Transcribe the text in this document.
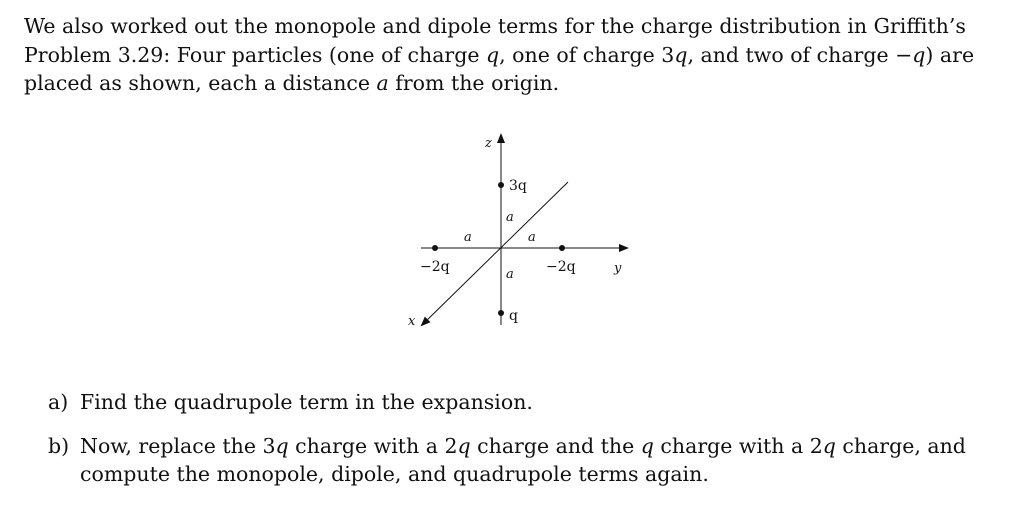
We also worked out the monopole and dipole terms for the charge distribution in Griffith’s Problem 3.29: Four particles (one of charge q, one of charge 3q, and two of charge −q) are placed as shown, each a distance a from the origin.

z
y
x
3q
q
−2q	−2q
a
a
a	a
a) Find the quadrupole term in the expansion.
b) Now, replace the 3q charge with a 2q charge and the q charge with a 2q charge, and compute the monopole, dipole, and quadrupole terms again.
